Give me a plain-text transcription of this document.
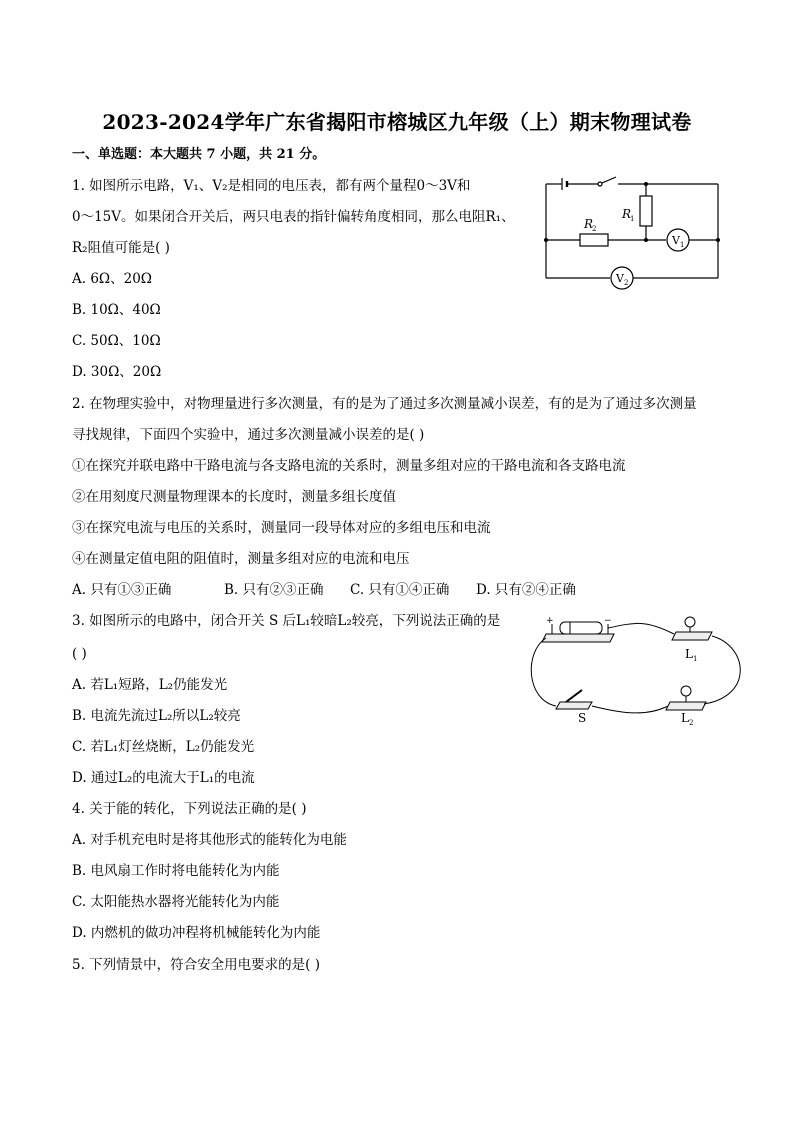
2023-2024学年广东省揭阳市榕城区九年级（上）期末物理试卷
一、单选题：本大题共 7 小题，共 21 分。
1. 如图所示电路，V₁、V₂是相同的电压表，都有两个量程0～3V和
0～15V。如果闭合开关后，两只电表的指针偏转角度相同，那么电阻R₁、
R₂阻值可能是( )
A. 6Ω、20Ω
B. 10Ω、40Ω
C. 50Ω、10Ω
D. 30Ω、20Ω
R
1
R
2
V 1
V 2
2. 在物理实验中，对物理量进行多次测量，有的是为了通过多次测量减小误差，有的是为了通过多次测量
寻找规律，下面四个实验中，通过多次测量减小误差的是( )
①在探究并联电路中干路电流与各支路电流的关系时，测量多组对应的干路电流和各支路电流
②在用刻度尺测量物理课本的长度时，测量多组长度值
③在探究电流与电压的关系时，测量同一段导体对应的多组电压和电流
④在测量定值电阻的阻值时，测量多组对应的电流和电压
A. 只有①③正确	B. 只有②③正确 C. 只有①④正确 D. 只有②④正确
3. 如图所示的电路中，闭合开关 S 后L₁较暗L₂较亮，下列说法正确的是
( )
A. 若L₁短路，L₂仍能发光
B. 电流先流过L₂所以L₂较亮
C. 若L₁灯丝烧断，L₂仍能发光
D. 通过L₂的电流大于L₁的电流
+	−
L 1
L 2
S
4. 关于能的转化，下列说法正确的是( )
A. 对手机充电时是将其他形式的能转化为电能
B. 电风扇工作时将电能转化为内能
C. 太阳能热水器将光能转化为内能
D. 内燃机的做功冲程将机械能转化为内能
5. 下列情景中，符合安全用电要求的是( )
